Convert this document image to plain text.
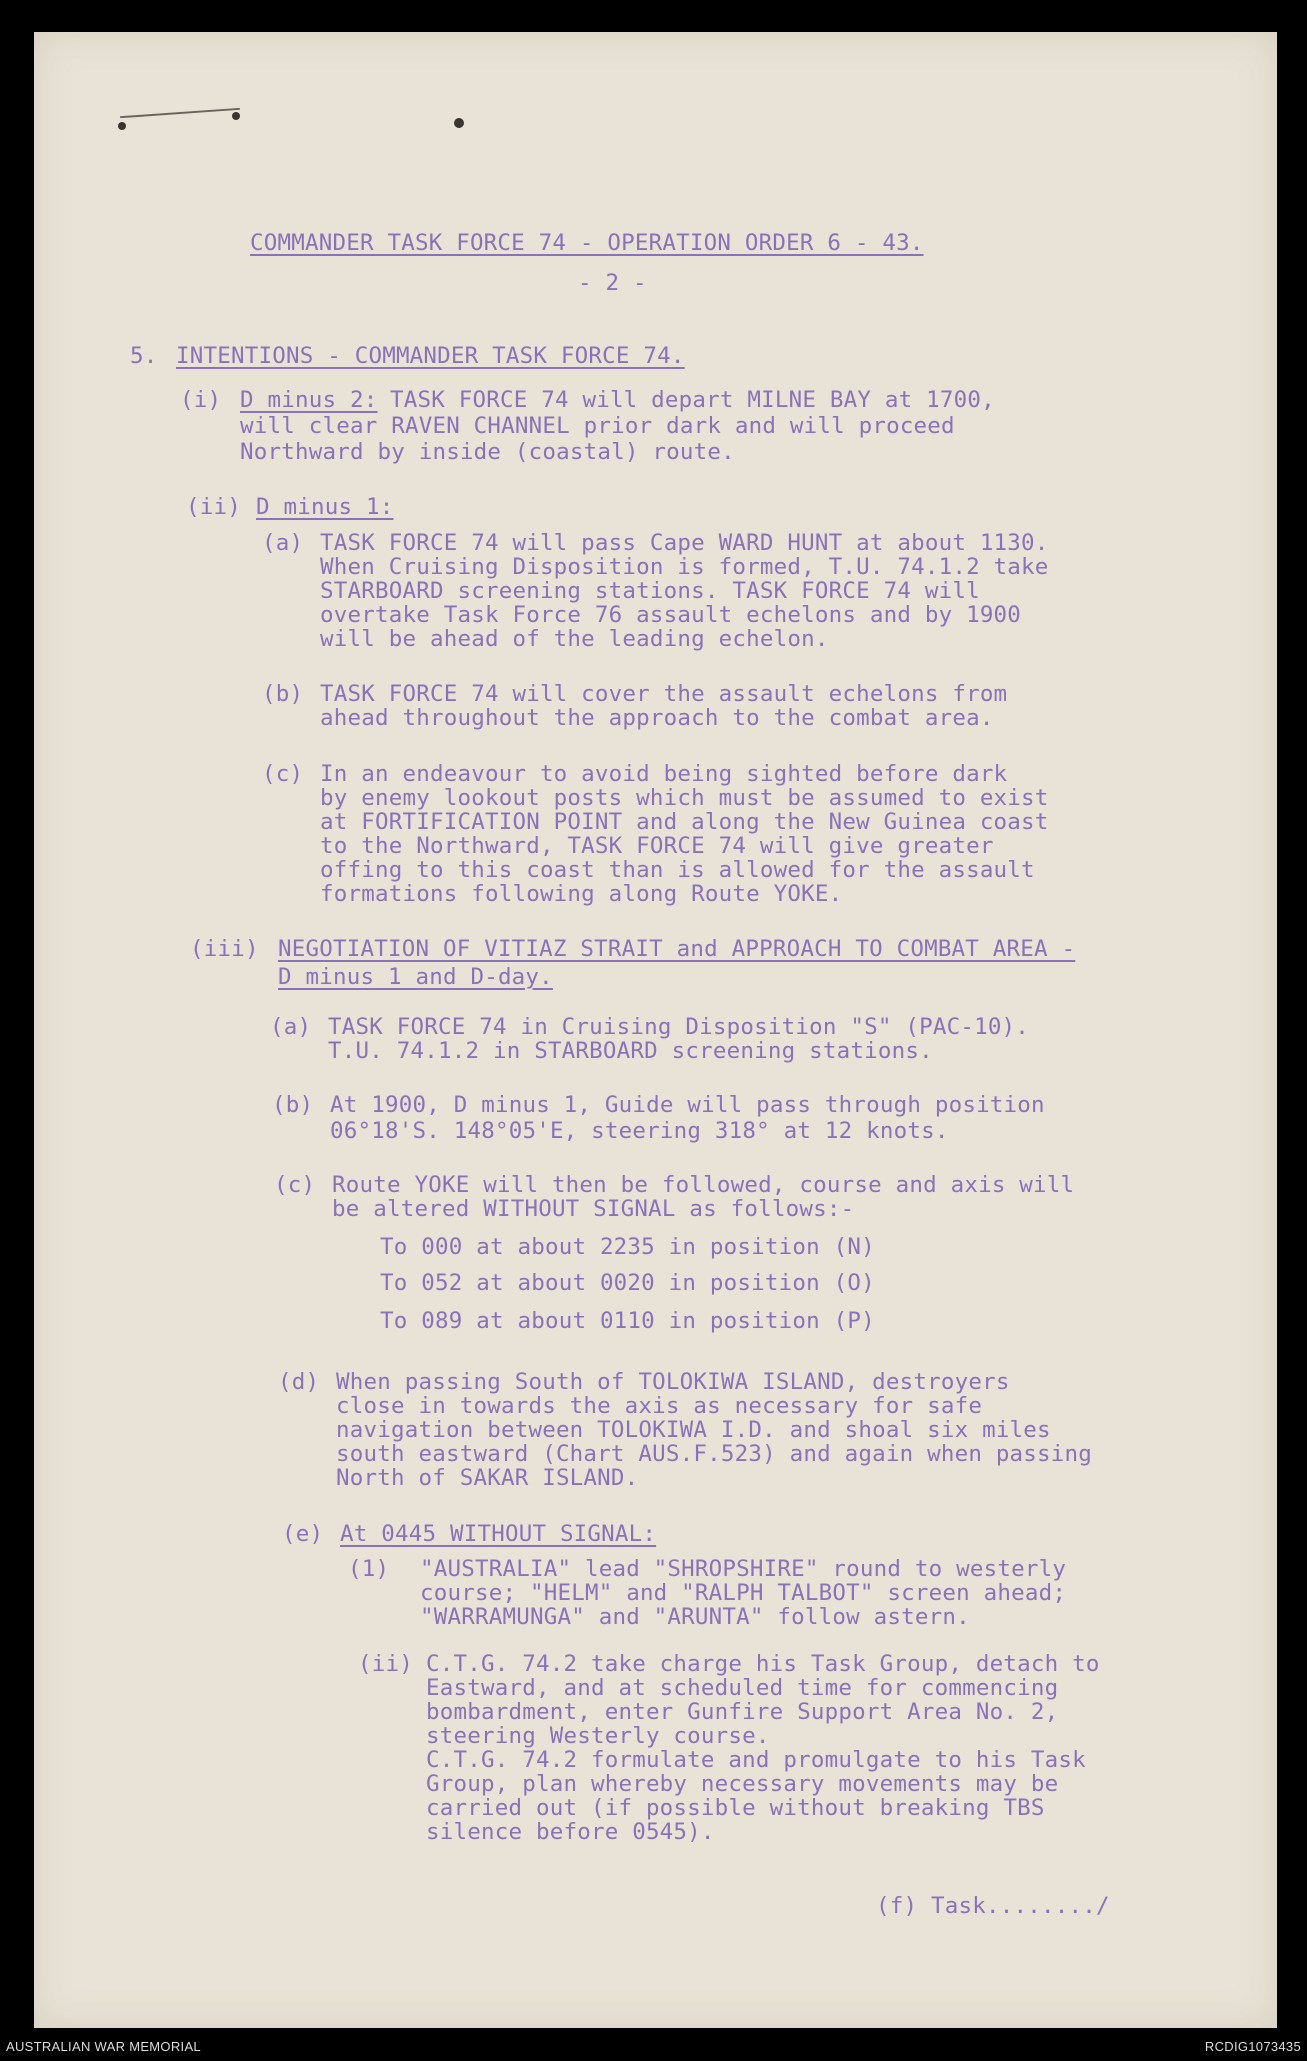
COMMANDER TASK FORCE 74 - OPERATION ORDER 6 - 43.
- 2 -
5. INTENTIONS - COMMANDER TASK FORCE 74.
(i) D minus 2: TASK FORCE 74 will depart MILNE BAY at 1700,
will clear RAVEN CHANNEL prior dark and will proceed
Northward by inside (coastal) route.
(ii) D minus 1:
(a) TASK FORCE 74 will pass Cape WARD HUNT at about 1130.
When Cruising Disposition is formed, T.U. 74.1.2 take
STARBOARD screening stations. TASK FORCE 74 will
overtake Task Force 76 assault echelons and by 1900
will be ahead of the leading echelon.
(b) TASK FORCE 74 will cover the assault echelons from
ahead throughout the approach to the combat area.
(c) In an endeavour to avoid being sighted before dark
by enemy lookout posts which must be assumed to exist
at FORTIFICATION POINT and along the New Guinea coast
to the Northward, TASK FORCE 74 will give greater
offing to this coast than is allowed for the assault
formations following along Route YOKE.
(iii) NEGOTIATION OF VITIAZ STRAIT and APPROACH TO COMBAT AREA -
D minus 1 and D-day.
(a) TASK FORCE 74 in Cruising Disposition "S" (PAC-10).
T.U. 74.1.2 in STARBOARD screening stations.
(b) At 1900, D minus 1, Guide will pass through position
06°18'S. 148°05'E, steering 318° at 12 knots.
(c) Route YOKE will then be followed, course and axis will
be altered WITHOUT SIGNAL as follows:-
To 000 at about 2235 in position (N)
To 052 at about 0020 in position (O)
To 089 at about 0110 in position (P)
(d) When passing South of TOLOKIWA ISLAND, destroyers
close in towards the axis as necessary for safe
navigation between TOLOKIWA I.D. and shoal six miles
south eastward (Chart AUS.F.523) and again when passing
North of SAKAR ISLAND.
(e) At 0445 WITHOUT SIGNAL:
(1) "AUSTRALIA" lead "SHROPSHIRE" round to westerly
course; "HELM" and "RALPH TALBOT" screen ahead;
"WARRAMUNGA" and "ARUNTA" follow astern.
(ii) C.T.G. 74.2 take charge his Task Group, detach to
Eastward, and at scheduled time for commencing
bombardment, enter Gunfire Support Area No. 2,
steering Westerly course.
C.T.G. 74.2 formulate and promulgate to his Task
Group, plan whereby necessary movements may be
carried out (if possible without breaking TBS
silence before 0545).
(f) Task......../
AUSTRALIAN WAR MEMORIAL	RCDIG1073435
